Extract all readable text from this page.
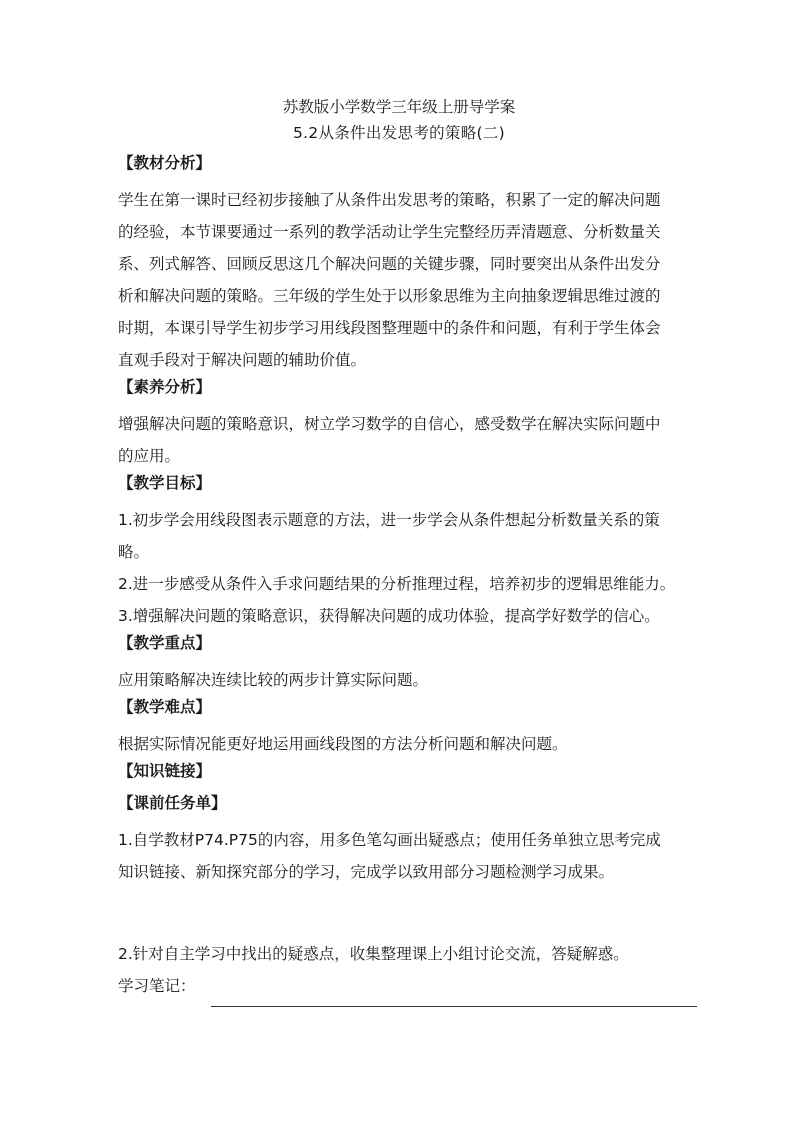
苏教版小学数学三年级上册导学案

5.2从条件出发思考的策略(二)

【教材分析】

学生在第一课时已经初步接触了从条件出发思考的策略，积累了一定的解决问题

的经验，本节课要通过一系列的教学活动让学生完整经历弄清题意、分析数量关

系、列式解答、回顾反思这几个解决问题的关键步骤，同时要突出从条件出发分

析和解决问题的策略。三年级的学生处于以形象思维为主向抽象逻辑思维过渡的

时期，本课引导学生初步学习用线段图整理题中的条件和问题，有利于学生体会

直观手段对于解决问题的辅助价值。

【素养分析】

增强解决问题的策略意识，树立学习数学的自信心，感受数学在解决实际问题中

的应用。

【教学目标】

1.初步学会用线段图表示题意的方法，进一步学会从条件想起分析数量关系的策

略。

2.进一步感受从条件入手求问题结果的分析推理过程，培养初步的逻辑思维能力。

3.增强解决问题的策略意识，获得解决问题的成功体验，提高学好数学的信心。

【教学重点】

应用策略解决连续比较的两步计算实际问题。

【教学难点】

根据实际情况能更好地运用画线段图的方法分析问题和解决问题。

【知识链接】

【课前任务单】

1.自学教材P74.P75的内容，用多色笔勾画出疑惑点；使用任务单独立思考完成

知识链接、新知探究部分的学习，完成学以致用部分习题检测学习成果。

2.针对自主学习中找出的疑惑点，收集整理课上小组讨论交流，答疑解惑。

学习笔记：
